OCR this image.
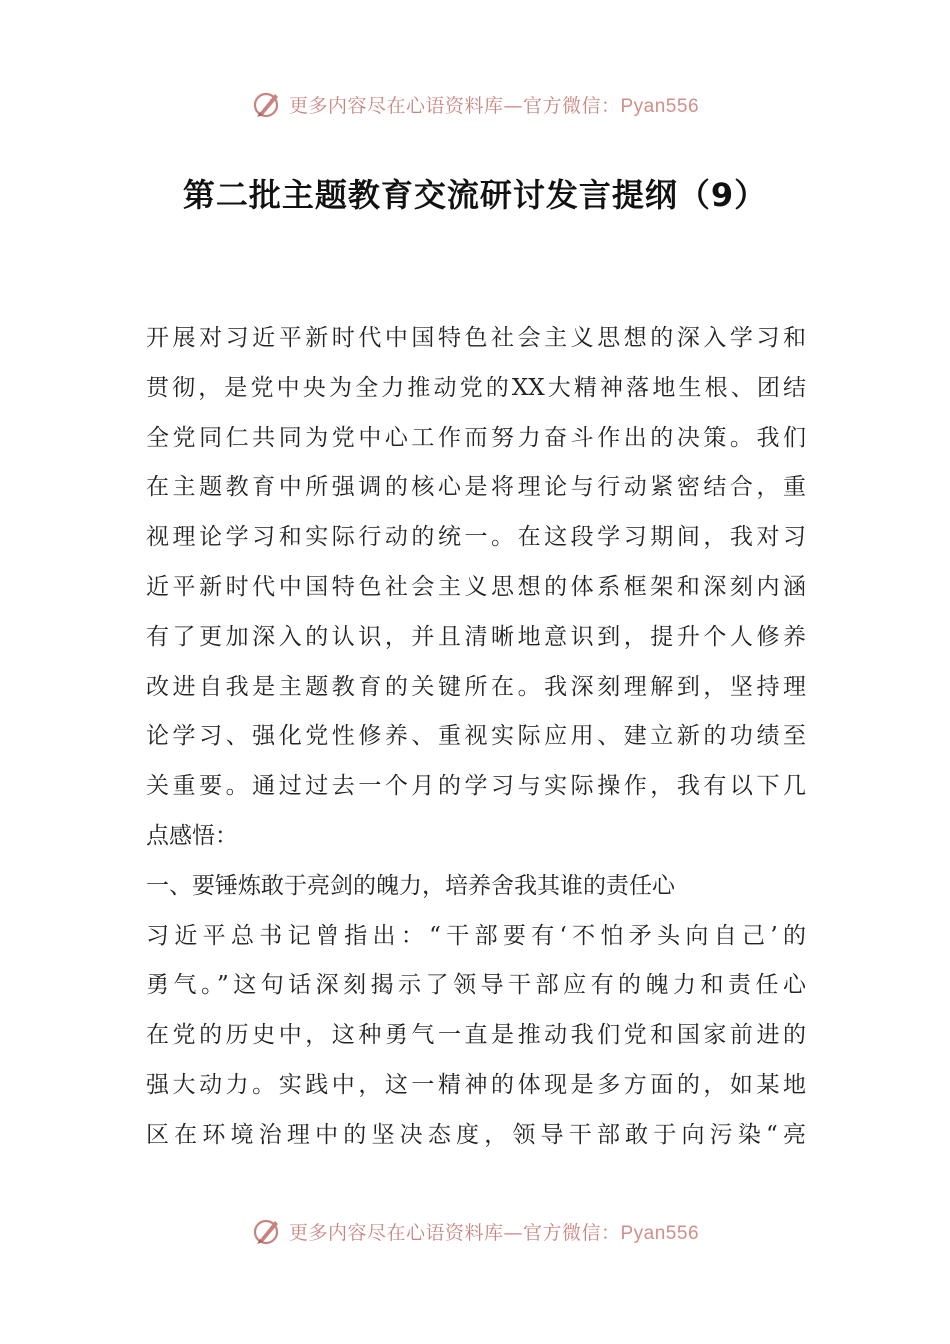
更多内容尽在心语资料库—官方微信：Pyan556
第二批主题教育交流研讨发言提纲（9）
开展对习近平新时代中国特色社会主义思想的深入学习和
贯彻，是党中央为全力推动党的XX大精神落地生根、团结
全党同仁共同为党中心工作而努力奋斗作出的决策。我们
在主题教育中所强调的核心是将理论与行动紧密结合，重
视理论学习和实际行动的统一。在这段学习期间，我对习
近平新时代中国特色社会主义思想的体系框架和深刻内涵
有了更加深入的认识，并且清晰地意识到，提升个人修养
改进自我是主题教育的关键所在。我深刻理解到，坚持理
论学习、强化党性修养、重视实际应用、建立新的功绩至
关重要。通过过去一个月的学习与实际操作，我有以下几
点感悟：
一、要锤炼敢于亮剑的魄力，培养舍我其谁的责任心
习近平总书记曾指出：“干部要有‘不怕矛头向自己’的
勇气。”这句话深刻揭示了领导干部应有的魄力和责任心
在党的历史中，这种勇气一直是推动我们党和国家前进的
强大动力。实践中，这一精神的体现是多方面的，如某地
区在环境治理中的坚决态度，领导干部敢于向污染“亮
更多内容尽在心语资料库—官方微信：Pyan556
